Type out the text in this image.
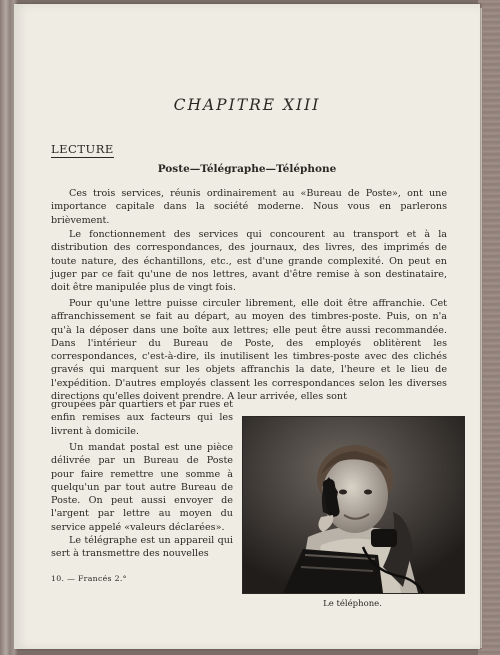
CHAPITRE XIII
LECTURE
Poste—Télégraphe—Téléphone

Ces trois services, réunis ordinairement au «Bureau de Poste», ont une importance capitale dans la société moderne. Nous vous en parlerons brièvement.

Le fonctionnement des services qui concourent au transport et à la distribution des correspondances, des journaux, des livres, des imprimés de toute nature, des échantillons, etc., est d'une grande complexité. On peut en juger par ce fait qu'une de nos lettres, avant d'être remise à son destinataire, doit être manipulée plus de vingt fois.

Pour qu'une lettre puisse circuler librement, elle doit être affranchie. Cet affranchissement se fait au départ, au moyen des timbres-poste. Puis, on n'a qu'à la déposer dans une boîte aux lettres; elle peut être aussi recommandée. Dans l'intérieur du Bureau de Poste, des employés oblitèrent les correspondances, c'est-à-dire, ils inutilisent les timbres-poste avec des clichés gravés qui marquent sur les objets affranchis la date, l'heure et le lieu de l'expédition. D'autres employés classent les correspondances selon les diverses directions qu'elles doivent prendre. A leur arrivée, elles sont

groupées par quartiers et par rues et enfin remises aux facteurs qui les livrent à domicile.

Un mandat postal est une pièce délivrée par un Bureau de Poste pour faire remettre une somme à quelqu'un par tout autre Bureau de Poste. On peut aussi envoyer de l'argent par lettre au moyen du service appelé «valeurs déclarées».

Le télégraphe est un appareil qui sert à transmettre des nouvelles

Le téléphone.
10. — Francés 2.°
